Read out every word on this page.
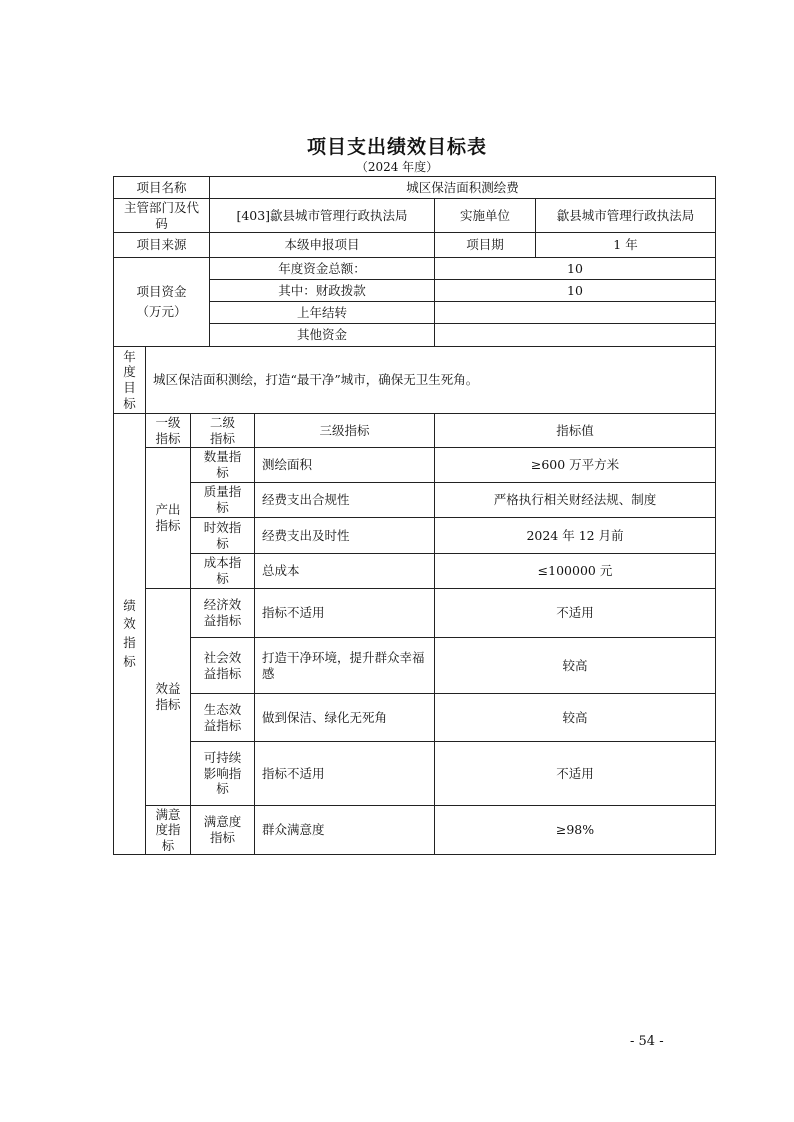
项目支出绩效目标表
（2024 年度）
项目名称			城区保洁面积测绘费		
主管部门及代码			[403]歙县城市管理行政执法局		实施单位 歙县城市管理行政执法局

项目来源			本级申报项目		项目期 1 年

项目资金（万元）			年度资金总额：		10
			其中：财政拨款		10
			上年结转		
			其他资金		

年度目标	城区保洁面积测绘，打造“最干净”城市，确保无卫生死角。				

绩效指标	一级指标	二级指标		三级指标	指标值

	产出指标	数量指标		测绘面积	≥600 万平方米

		质量指标		经费支出合规性	严格执行相关财经法规、制度

		时效指标		经费支出及时性	2024 年 12 月前

		成本指标		总成本	≤100000 元

	效益指标	经济效益指标		指标不适用	不适用

		社会效益指标		打造干净环境，提升群众幸福感	较高

		生态效益指标		做到保洁、绿化无死角	较高

		可持续影响指标		指标不适用	不适用

	满意度指标	满意度指标		群众满意度	≥98%
- 54 -
